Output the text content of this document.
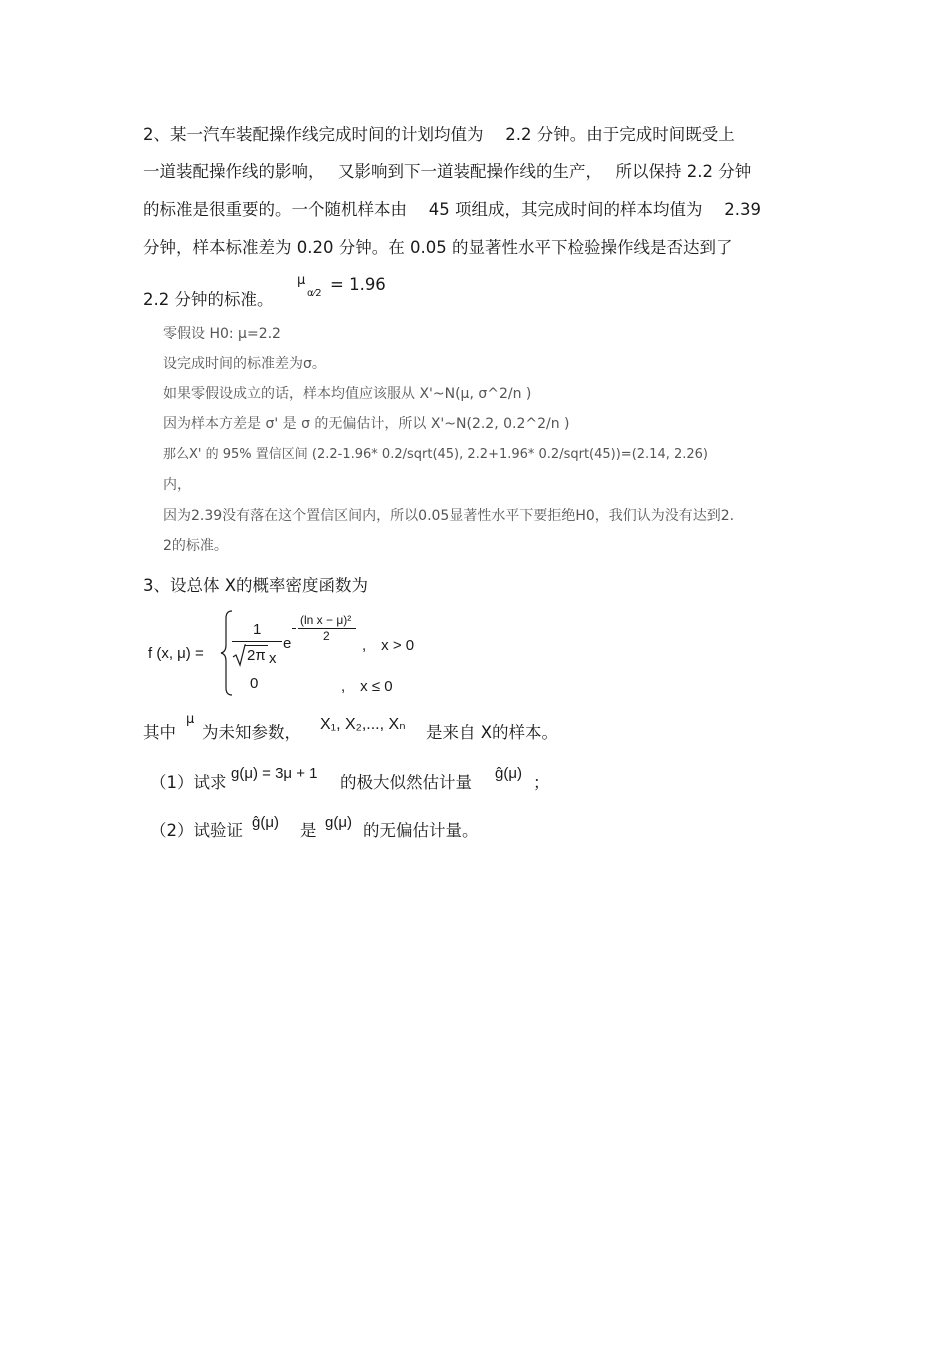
2、某一汽车装配操作线完成时间的计划均值为　 2.2 分钟。由于完成时间既受上
一道装配操作线的影响，　 又影响到下一道装配操作线的生产，　 所以保持 2.2 分钟
的标准是很重要的。一个随机样本由　 45 项组成，其完成时间的样本均值为　 2.39
分钟，样本标准差为 0.20 分钟。在 0.05 的显著性水平下检验操作线是否达到了
2.2 分钟的标准。
μ
α⁄2 = 1.96
零假设 H0: μ=2.2
设完成时间的标准差为σ。
如果零假设成立的话，样本均值应该服从 X'~N(μ, σ^2/n )
因为样本方差是 σ' 是 σ 的无偏估计，所以 X'~N(2.2, 0.2^2/n )
那么X' 的 95% 置信区间 (2.2-1.96* 0.2/sqrt(45), 2.2+1.96* 0.2/sqrt(45))=(2.14, 2.26)
内，
因为2.39没有落在这个置信区间内，所以0.05显著性水平下要拒绝H0，我们认为没有达到2.
2的标准。
3、设总体 X的概率密度函数为
f (x, μ) =
1
2π x
e
(ln x − μ)²
2
,　x > 0
0	,　x ≤ 0
其中
μ
为未知参数， X₁, X₂,..., Xₙ 是来自 X的样本。
（1）试求 g(μ) = 3μ + 1 的极大似然估计量 ĝ(μ) ；
（2）试验证 ĝ(μ) 是 g(μ) 的无偏估计量。
